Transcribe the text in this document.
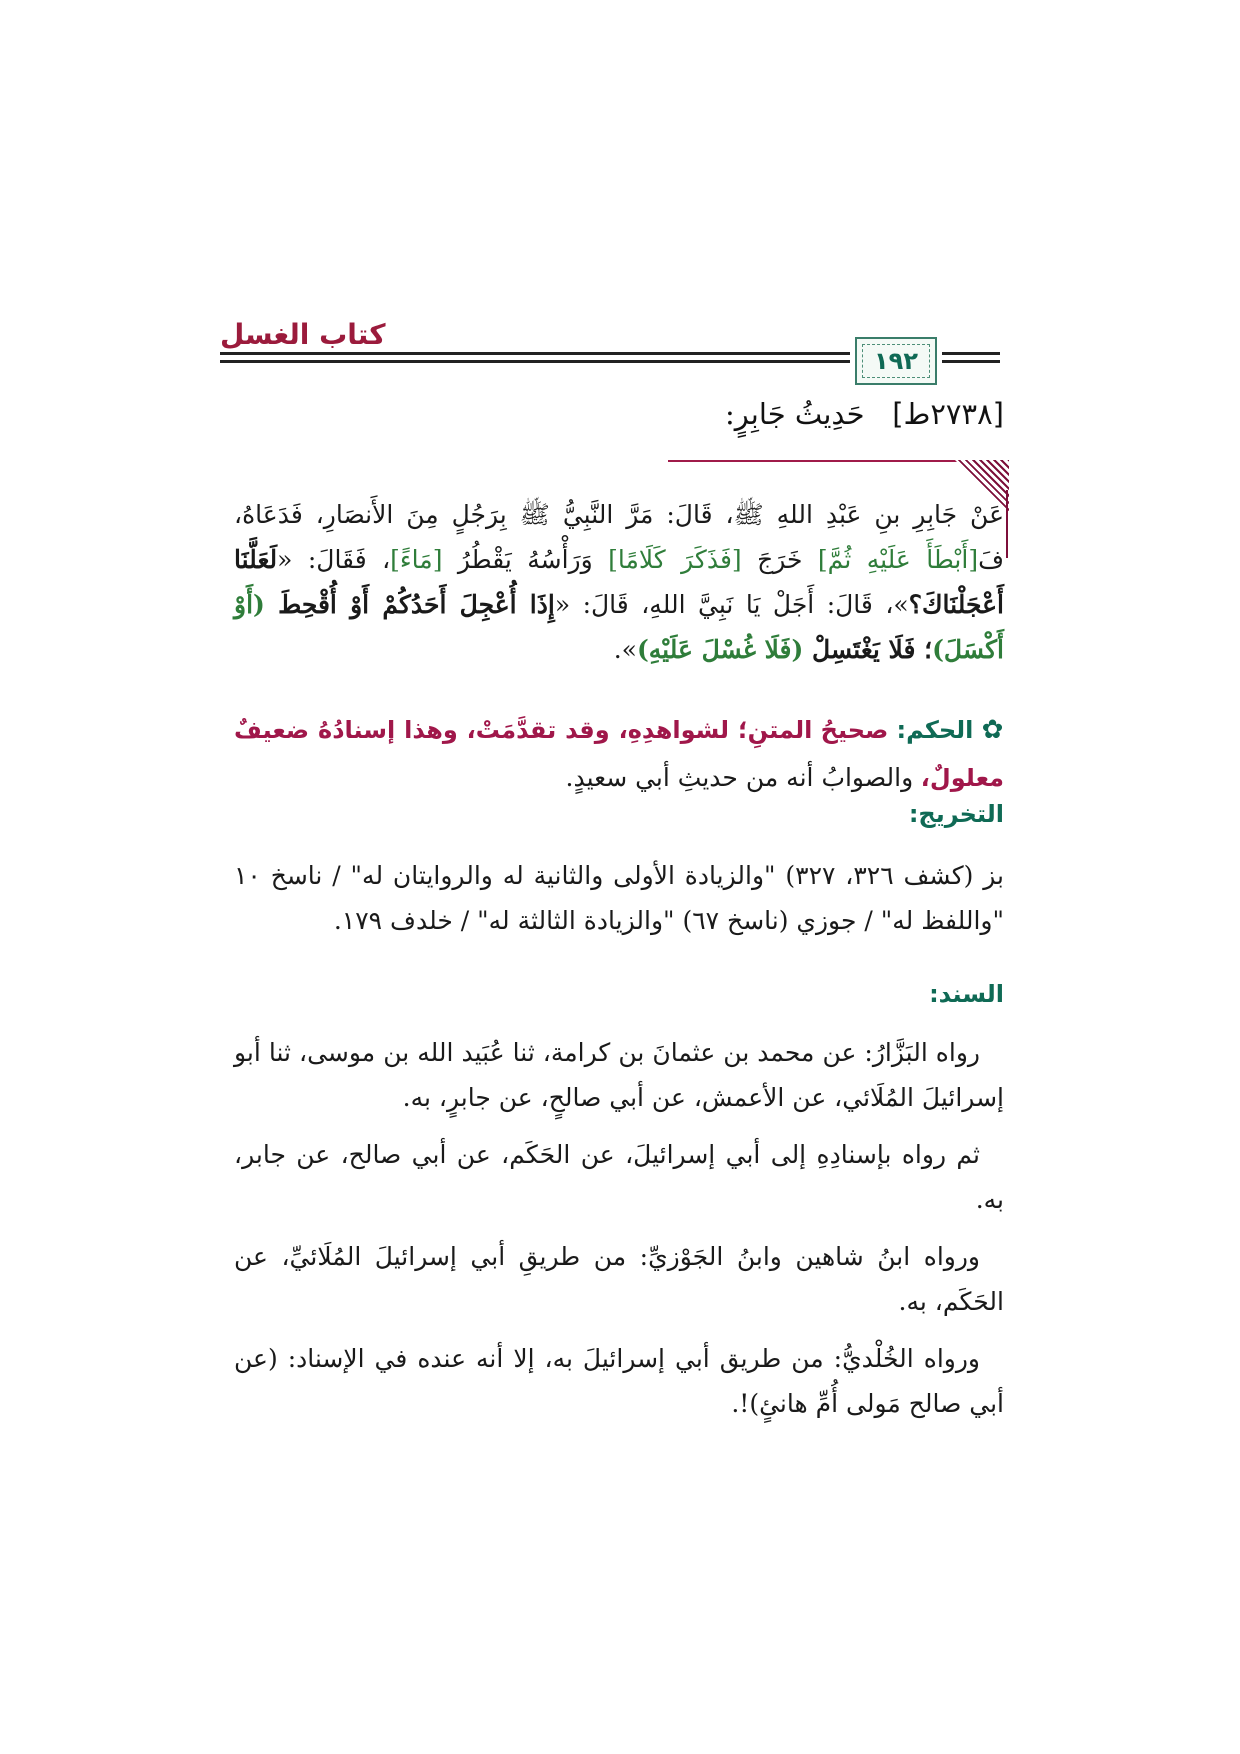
كتاب الغسل
١٩٢
[٢٧٣٨ط]   حَدِيثُ جَابِرٍ:
عَنْ جَابِرِ بنِ عَبْدِ اللهِ ﷺ، قَالَ: مَرَّ النَّبِيُّ ﷺ بِرَجُلٍ مِنَ الأَنصَارِ، فَدَعَاهُ، فَ[أَبْطَأَ عَلَيْهِ ثُمَّ] خَرَجَ [فَذَكَرَ كَلَامًا] وَرَأْسُهُ يَقْطُرُ [مَاءً]، فَقَالَ: «لَعَلَّنَا أَعْجَلْنَاكَ؟»، قَالَ: أَجَلْ يَا نَبِيَّ اللهِ، قَالَ: «إِذَا أُعْجِلَ أَحَدُكُمْ أَوْ أُقْحِطَ (أَوْ أَكْسَلَ)؛ فَلَا يَغْتَسِلْ (فَلَا غُسْلَ عَلَيْهِ)».
✿ الحكم: صحيحُ المتنِ؛ لشواهدِهِ، وقد تقدَّمَتْ، وهذا إسنادُهُ ضعيفٌ معلولٌ، والصوابُ أنه من حديثِ أبي سعيدٍ.
التخريج:
بز (كشف ٣٢٦، ٣٢٧) "والزيادة الأولى والثانية له والروايتان له" / ناسخ ١٠ "واللفظ له" / جوزي (ناسخ ٦٧) "والزيادة الثالثة له" / خلدف ١٧٩.
السند:
رواه البَزَّارُ: عن محمد بن عثمانَ بن كرامة، ثنا عُبَيد الله بن موسى، ثنا أبو إسرائيلَ المُلَائي، عن الأعمش، عن أبي صالحٍ، عن جابرٍ، به.
ثم رواه بإسنادِهِ إلى أبي إسرائيلَ، عن الحَكَم، عن أبي صالح، عن جابر، به.
ورواه ابنُ شاهين وابنُ الجَوْزيِّ: من طريقِ أبي إسرائيلَ المُلَائيِّ، عن الحَكَم، به.
ورواه الخُلْديُّ: من طريق أبي إسرائيلَ به، إلا أنه عنده في الإسناد: (عن أبي صالح مَولى أُمِّ هانئٍ)!.
